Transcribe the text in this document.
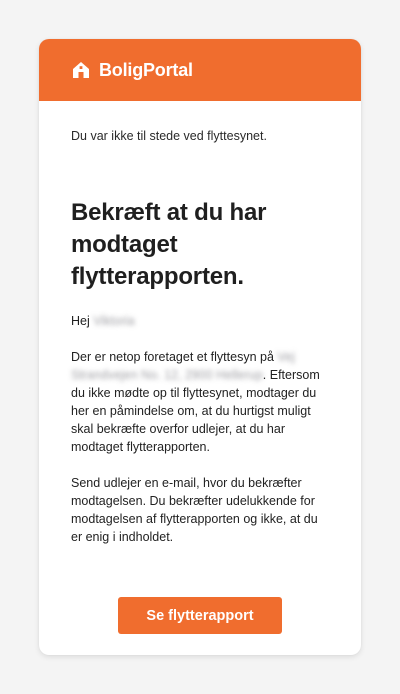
BoligPortal

Du var ikke til stede ved flyttesynet.

Bekræft at du har modtaget flytterapporten.

Hej Viktoria

Der er netop foretaget et flyttesyn på Vej Strandvejen No. 12, 2900 Hellerup. Eftersom du ikke mødte op til flyttesynet, modtager du her en påmindelse om, at du hurtigst muligt skal bekræfte overfor udlejer, at du har modtaget flytterapporten.

Send udlejer en e-mail, hvor du bekræfter modtagelsen. Du bekræfter udelukkende for modtagelsen af flytterapporten og ikke, at du er enig i indholdet.

Se flytterapport
